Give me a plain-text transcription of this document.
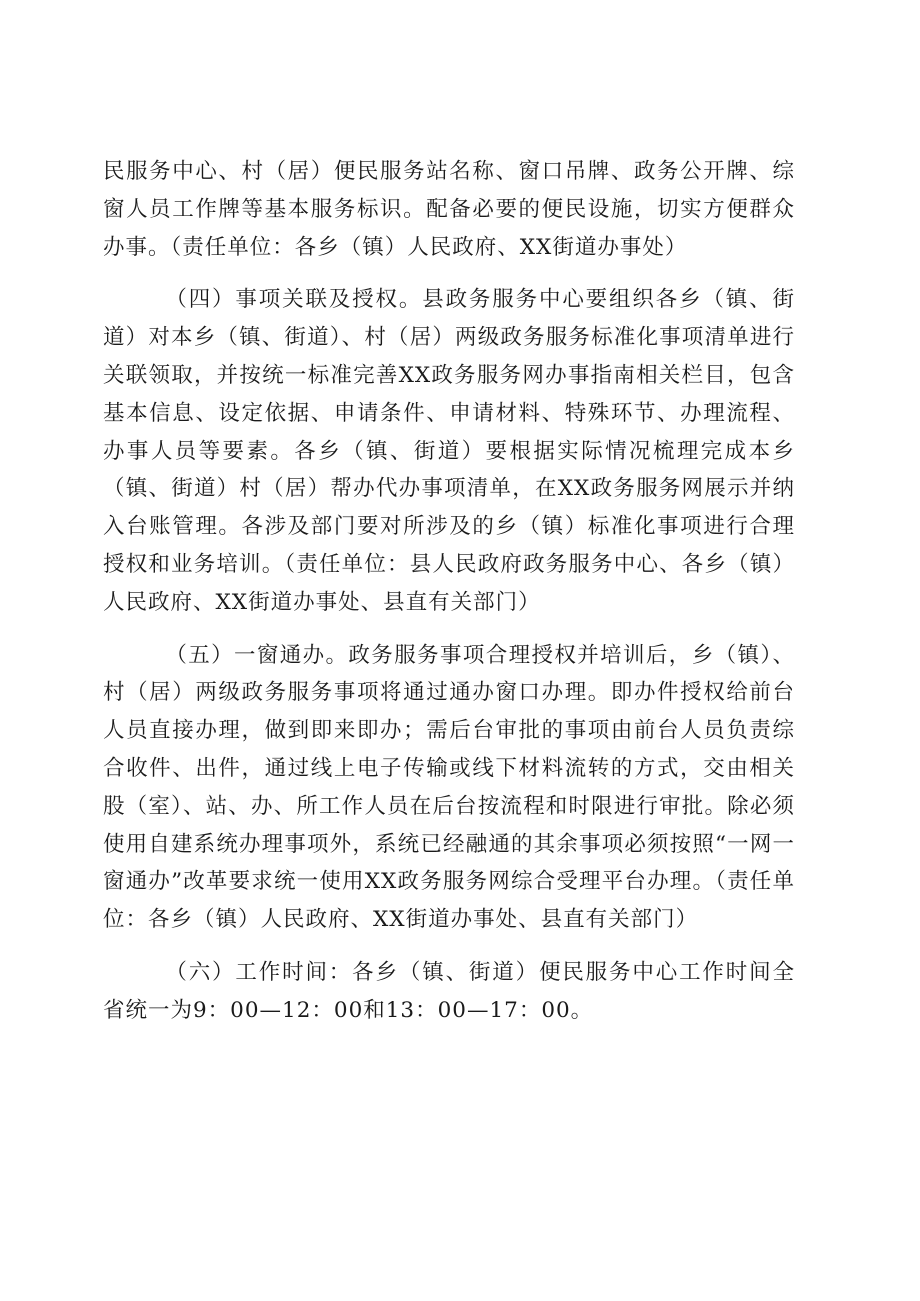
民服务中心、村（居）便民服务站名称、窗口吊牌、政务公开牌、综窗人员工作牌等基本服务标识。配备必要的便民设施，切实方便群众办事。（责任单位：各乡（镇）人民政府、XX街道办事处）

（四）事项关联及授权。县政务服务中心要组织各乡（镇、街道）对本乡（镇、街道）、村（居）两级政务服务标准化事项清单进行关联领取，并按统一标准完善XX政务服务网办事指南相关栏目，包含基本信息、设定依据、申请条件、申请材料、特殊环节、办理流程、办事人员等要素。各乡（镇、街道）要根据实际情况梳理完成本乡（镇、街道）村（居）帮办代办事项清单，在XX政务服务网展示并纳入台账管理。各涉及部门要对所涉及的乡（镇）标准化事项进行合理授权和业务培训。（责任单位：县人民政府政务服务中心、各乡（镇）人民政府、XX街道办事处、县直有关部门）

（五）一窗通办。政务服务事项合理授权并培训后，乡（镇）、村（居）两级政务服务事项将通过通办窗口办理。即办件授权给前台人员直接办理，做到即来即办；需后台审批的事项由前台人员负责综合收件、出件，通过线上电子传输或线下材料流转的方式，交由相关股（室）、站、办、所工作人员在后台按流程和时限进行审批。除必须使用自建系统办理事项外，系统已经融通的其余事项必须按照“一网一窗通办”改革要求统一使用XX政务服务网综合受理平台办理。（责任单位：各乡（镇）人民政府、XX街道办事处、县直有关部门）

（六）工作时间：各乡（镇、街道）便民服务中心工作时间全省统一为9：00—12：00和13：00—17：00。
